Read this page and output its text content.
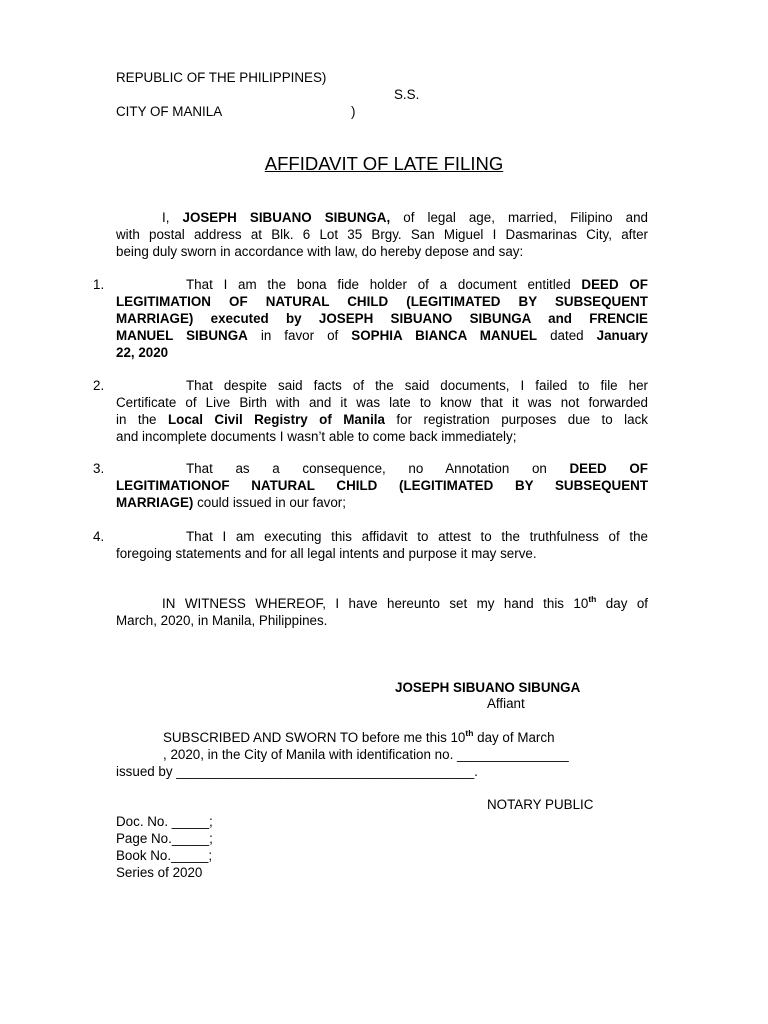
REPUBLIC OF THE PHILIPPINES)
S.S.
CITY OF MANILA	)
AFFIDAVIT OF LATE FILING
I, JOSEPH SIBUANO SIBUNGA, of legal age, married, Filipino and
with postal address at Blk. 6 Lot 35 Brgy. San Miguel I Dasmarinas City, after
being duly sworn in accordance with law, do hereby depose and say:
1.	That I am the bona fide holder of a document entitled DEED OF
LEGITIMATION OF NATURAL CHILD (LEGITIMATED BY SUBSEQUENT
MARRIAGE) executed by JOSEPH SIBUANO SIBUNGA and FRENCIE
MANUEL SIBUNGA in favor of SOPHIA BIANCA MANUEL dated January
22, 2020
2.	That despite said facts of the said documents, I failed to file her
Certificate of Live Birth with and it was late to know that it was not forwarded
in the Local Civil Registry of Manila for registration purposes due to lack
and incomplete documents I wasn’t able to come back immediately;
3.	That as a consequence, no Annotation on DEED OF
LEGITIMATIONOF NATURAL CHILD (LEGITIMATED BY SUBSEQUENT
MARRIAGE) could issued in our favor;
4.	That I am executing this affidavit to attest to the truthfulness of the
foregoing statements and for all legal intents and purpose it may serve.
IN WITNESS WHEREOF, I have hereunto set my hand this 10th day of
March, 2020, in Manila, Philippines.
JOSEPH SIBUANO SIBUNGA
Affiant
SUBSCRIBED AND SWORN TO before me this 10th day of March
, 2020, in the City of Manila with identification no. _______________
issued by ________________________________________.
NOTARY PUBLIC
Doc. No. _____;
Page No._____;
Book No._____;
Series of 2020
